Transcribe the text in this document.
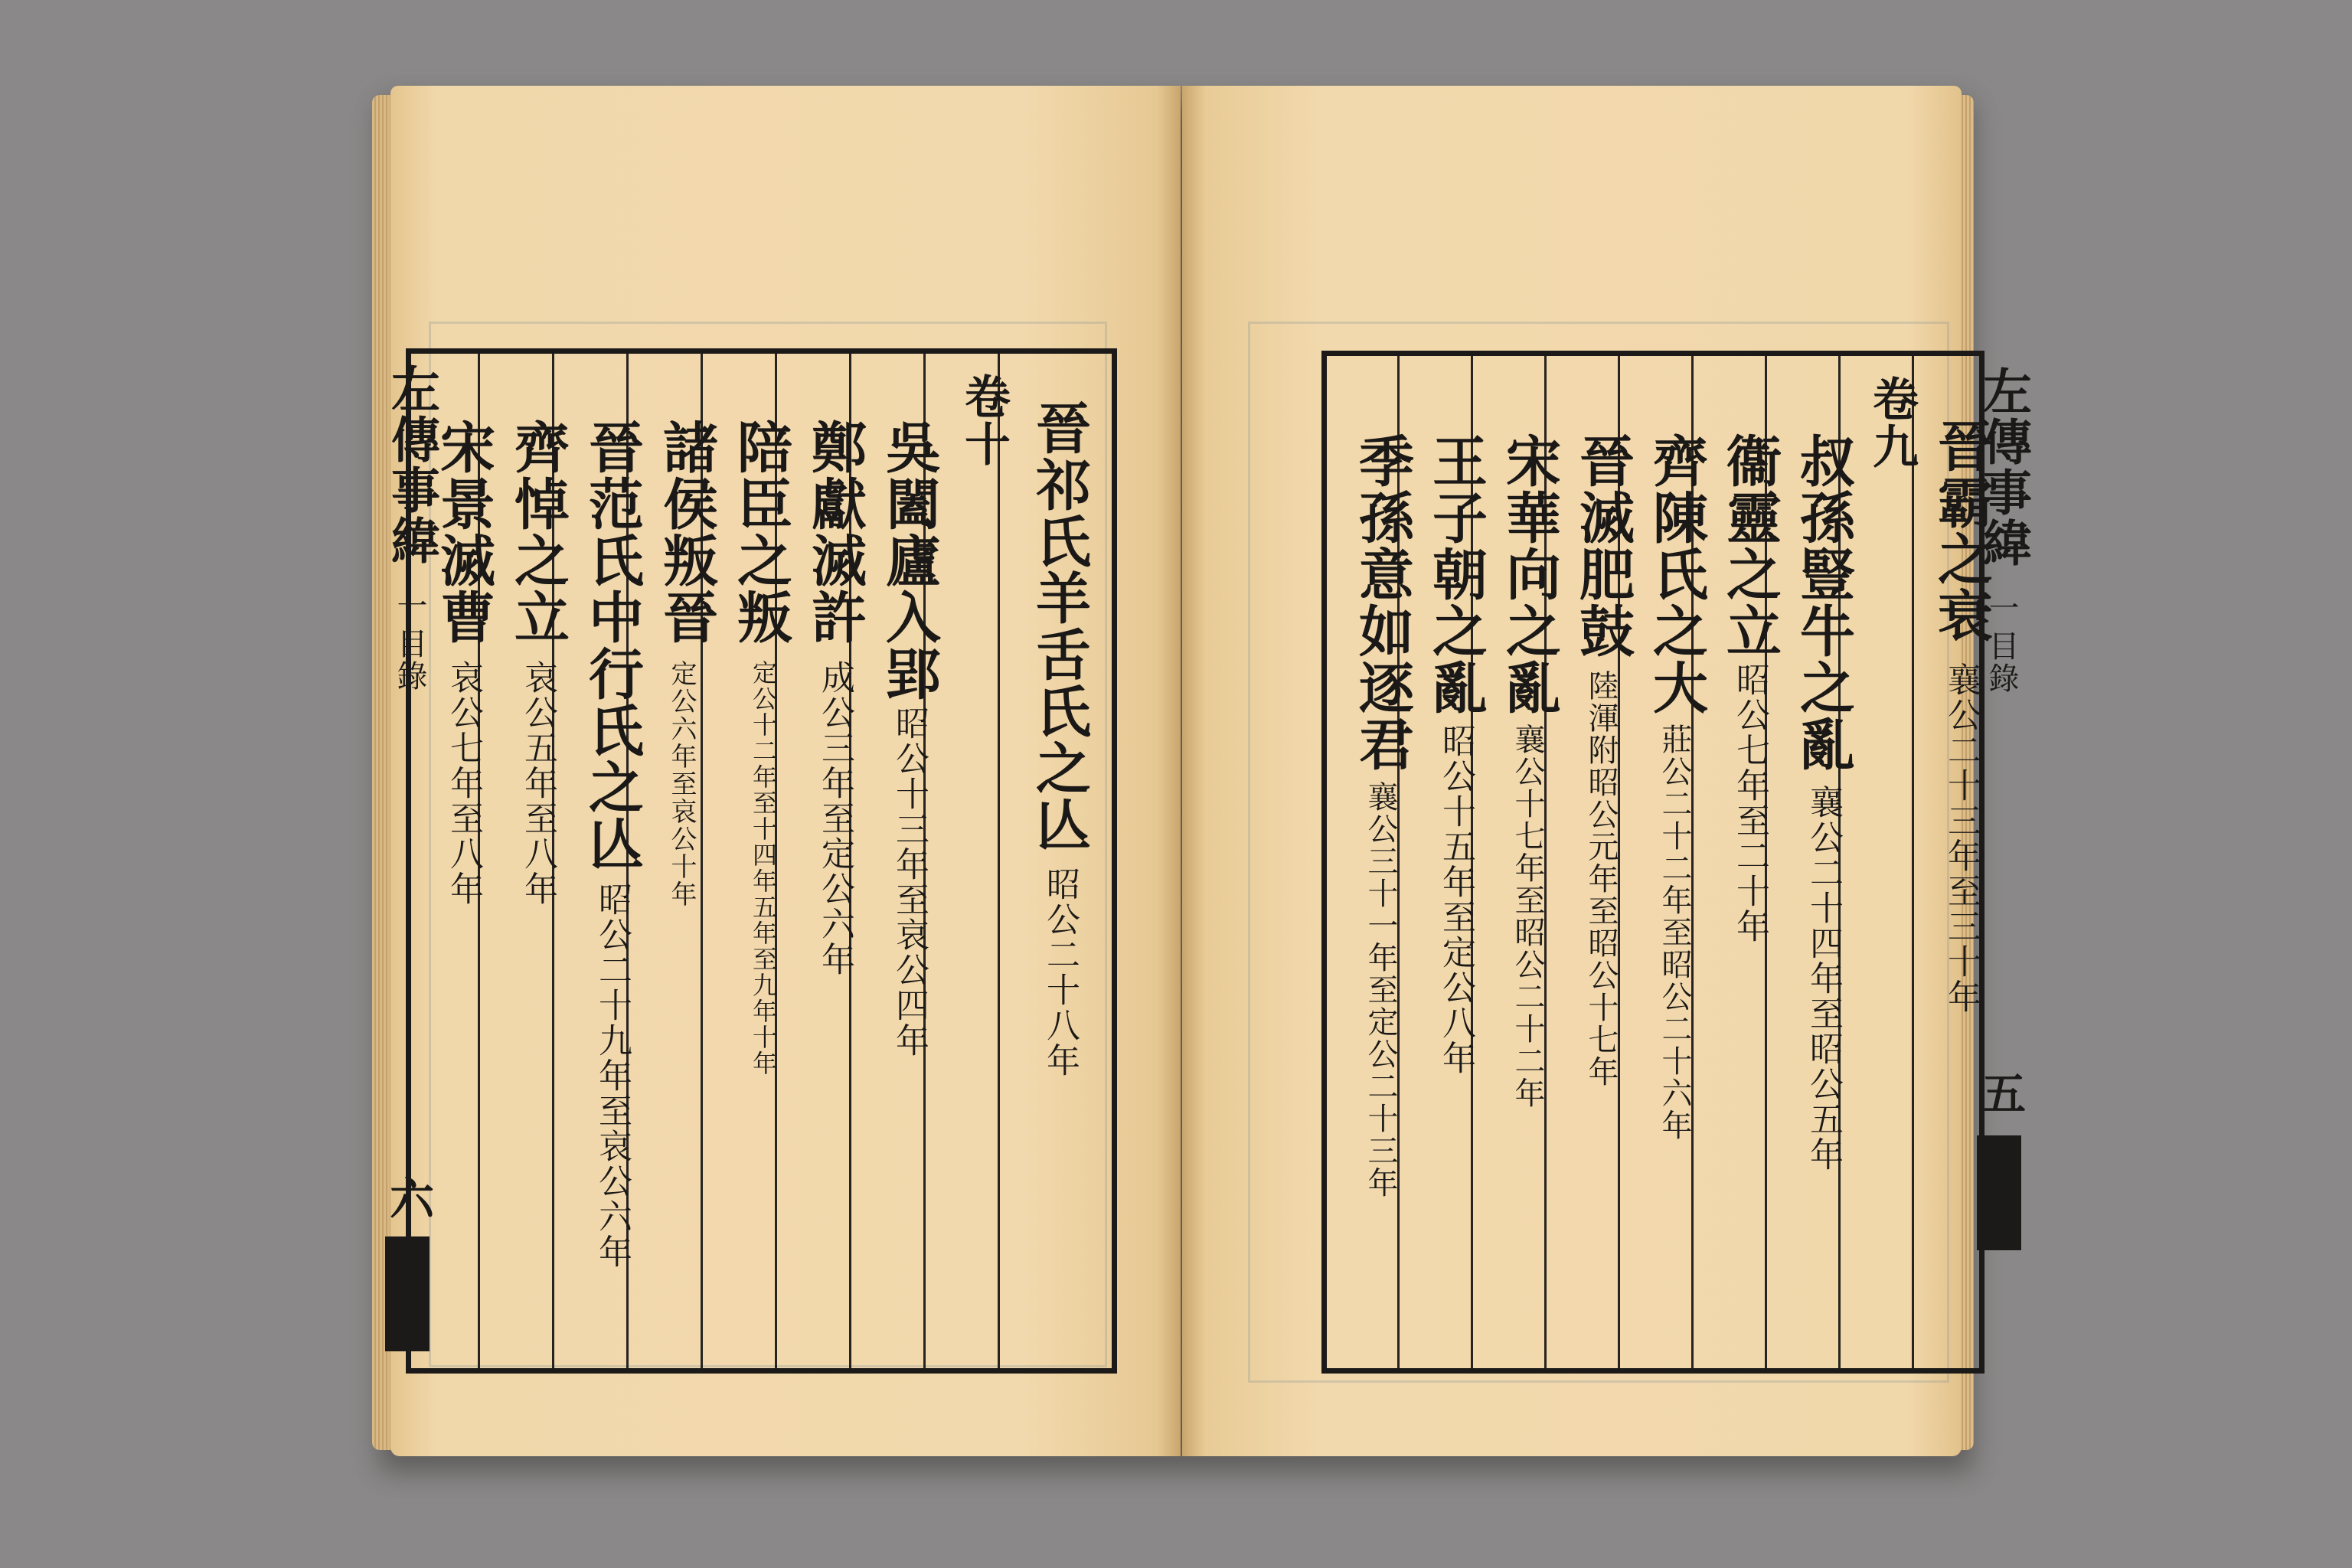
左傳事緯
一
目錄
六
晉祁氏羊舌氏之亾
昭公二十八年
卷十
吳闔廬入郢
昭公十三年至哀公四年
鄭獻滅許
成公三年至定公六年
陪臣之叛
定公十二年至十四年五年至九年十年
諸侯叛晉
定公六年至哀公十年
晉范氏中行氏之亾
昭公二十九年至哀公六年
齊悼之立
哀公五年至八年
宋景滅曹
哀公七年至八年
晉霸之衰
襄公二十三年至三十年
卷九
叔孫豎牛之亂
襄公二十四年至昭公五年
衞靈之立
昭公七年至二十年
齊陳氏之大
莊公二十二年至昭公二十六年
晉滅肥鼓
陸渾附昭公元年至昭公十七年
宋華向之亂
襄公十七年至昭公二十二年
王子朝之亂
昭公十五年至定公八年
季孫意如逐君
襄公三十一年至定公二十三年
左傳事緯
一
目錄
五
